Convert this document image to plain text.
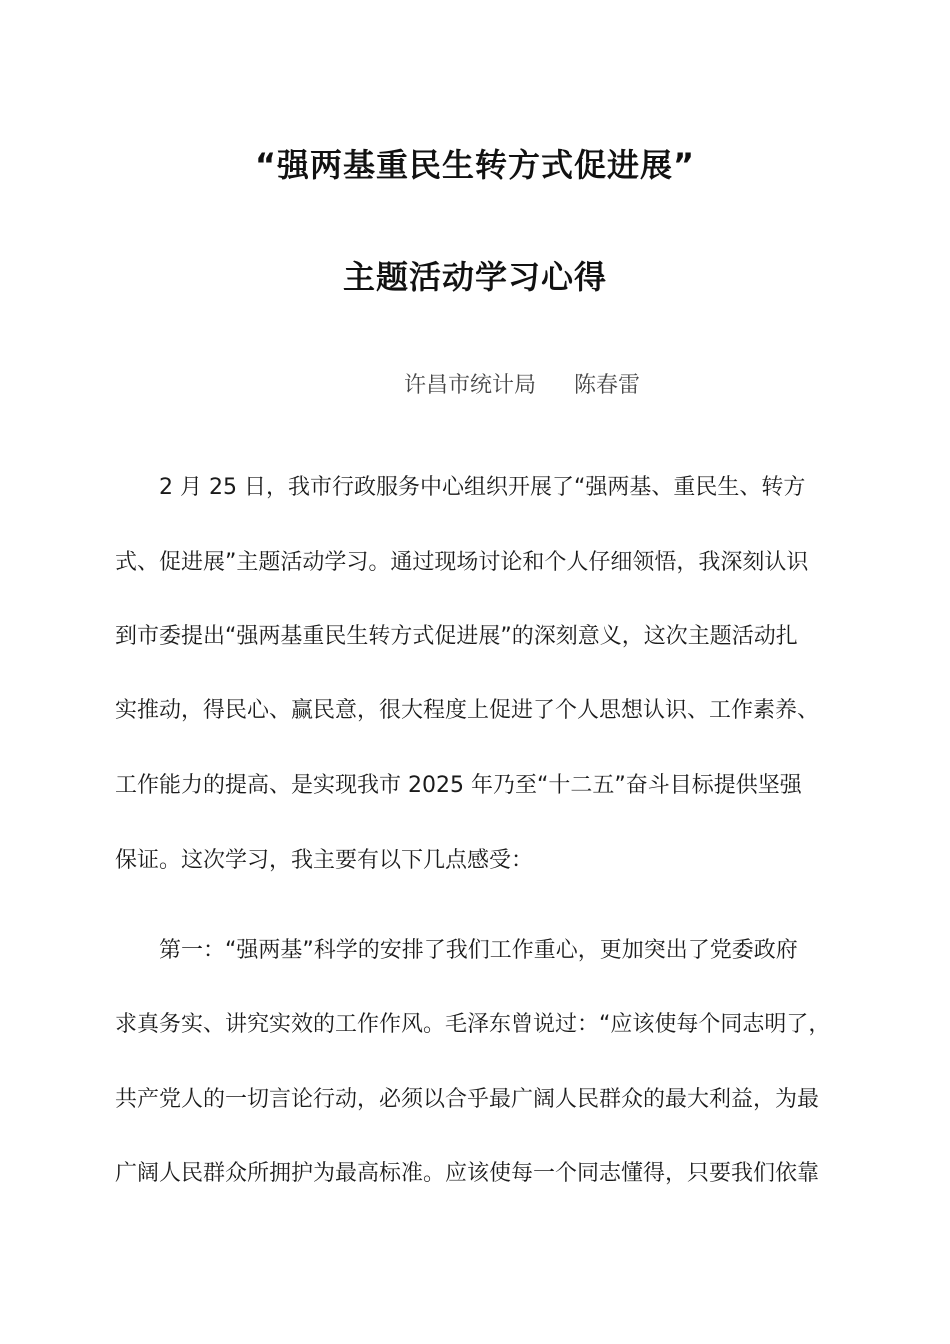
“强两基重民生转方式促进展”
主题活动学习心得
许昌市统计局 陈春雷
2 月 25 日，我市行政服务中心组织开展了“强两基、重民生、转方
式、促进展”主题活动学习。通过现场讨论和个人仔细领悟，我深刻认识
到市委提出“强两基重民生转方式促进展”的深刻意义，这次主题活动扎
实推动，得民心、赢民意，很大程度上促进了个人思想认识、工作素养、
工作能力的提高、是实现我市 2025 年乃至“十二五”奋斗目标提供坚强
保证。这次学习，我主要有以下几点感受：
第一：“强两基”科学的安排了我们工作重心，更加突出了党委政府
求真务实、讲究实效的工作作风。毛泽东曾说过：“应该使每个同志明了，
共产党人的一切言论行动，必须以合乎最广阔人民群众的最大利益，为最
广阔人民群众所拥护为最高标准。应该使每一个同志懂得，只要我们依靠
